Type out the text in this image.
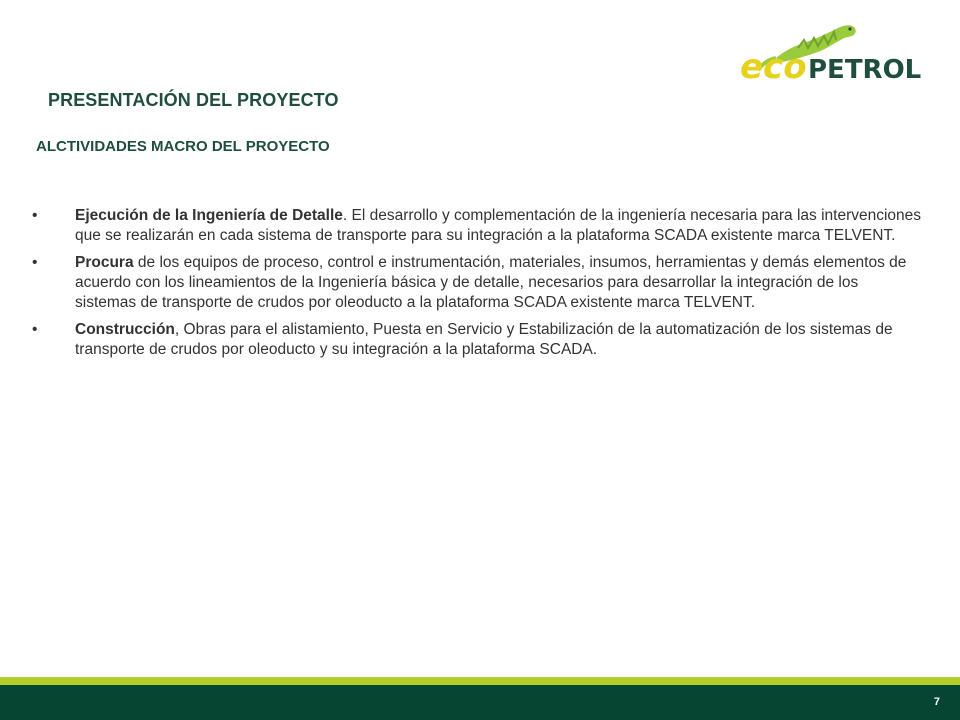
eco PETROL
PRESENTACIÓN DEL PROYECTO
ALCTIVIDADES MACRO DEL PROYECTO
• Ejecución de la Ingeniería de Detalle. El desarrollo y complementación de la ingeniería necesaria para las intervenciones que se realizarán en cada sistema de transporte para su integración a la plataforma SCADA existente marca TELVENT.
• Procura de los equipos de proceso, control e instrumentación, materiales, insumos, herramientas y demás elementos de acuerdo con los lineamientos de la Ingeniería básica y de detalle, necesarios para desarrollar la integración de los sistemas de transporte de crudos por oleoducto a la plataforma SCADA existente marca TELVENT.
• Construcción, Obras para el alistamiento, Puesta en Servicio y Estabilización de la automatización de los sistemas de transporte de crudos por oleoducto y su integración a la plataforma SCADA.
7
